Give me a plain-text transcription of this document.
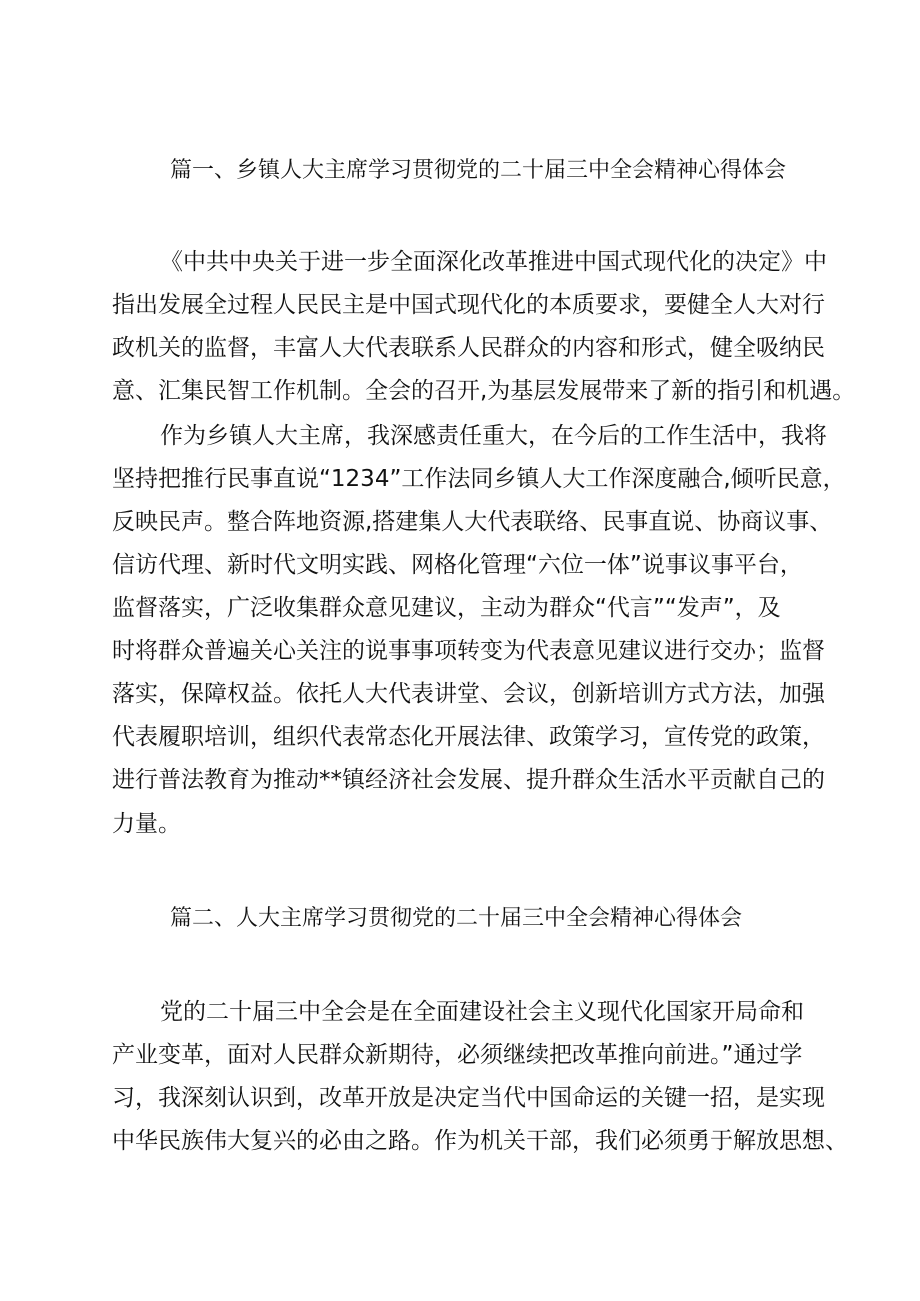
篇一、乡镇人大主席学习贯彻党的二十届三中全会精神心得体会
《中共中央关于进一步全面深化改革推进中国式现代化的决定》中
指出发展全过程人民民主是中国式现代化的本质要求，要健全人大对行
政机关的监督，丰富人大代表联系人民群众的内容和形式，健全吸纳民
意、汇集民智工作机制。全会的召开,为基层发展带来了新的指引和机遇。
作为乡镇人大主席，我深感责任重大，在今后的工作生活中，我将
坚持把推行民事直说“1234”工作法同乡镇人大工作深度融合,倾听民意，
反映民声。整合阵地资源,搭建集人大代表联络、民事直说、协商议事、
信访代理、新时代文明实践、网格化管理“六位一体”说事议事平台，
监督落实，广泛收集群众意见建议，主动为群众“代言”“发声”，及
时将群众普遍关心关注的说事事项转变为代表意见建议进行交办；监督
落实，保障权益。依托人大代表讲堂、会议，创新培训方式方法，加强
代表履职培训，组织代表常态化开展法律、政策学习，宣传党的政策，
进行普法教育为推动**镇经济社会发展、提升群众生活水平贡献自己的
力量。
篇二、人大主席学习贯彻党的二十届三中全会精神心得体会
党的二十届三中全会是在全面建设社会主义现代化国家开局命和
产业变革，面对人民群众新期待，必须继续把改革推向前进。”通过学
习，我深刻认识到，改革开放是决定当代中国命运的关键一招，是实现
中华民族伟大复兴的必由之路。作为机关干部，我们必须勇于解放思想、
